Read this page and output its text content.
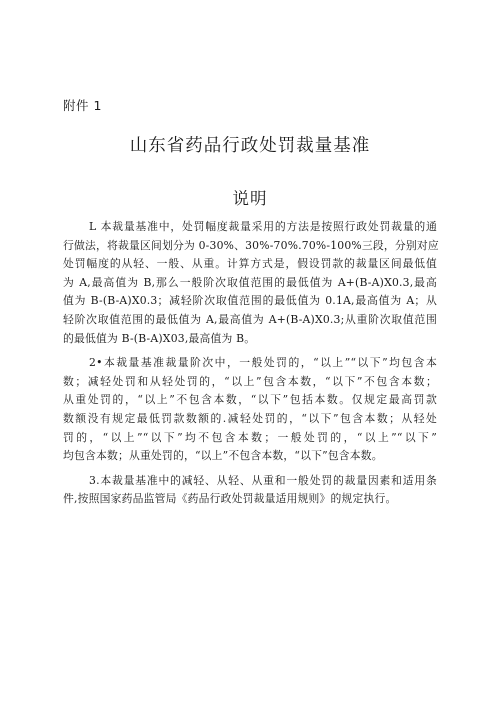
附件 1
山东省药品行政处罚裁量基准
说明

L 本裁量基准中，处罚幅度裁量采用的方法是按照行政处罚裁量的通
行做法，将裁量区间划分为 0-30%、30%-70%.70%-100%三段，分别对应
处罚幅度的从轻、一般、从重。计算方式是，假设罚款的裁量区间最低值
为 A,最高值为 B,那么一般阶次取值范围的最低值为 A+(B-A)X0.3,最高
值为 B-(B-A)X0.3；减轻阶次取值范围的最低值为 0.1A,最高值为 A；从
轻阶次取值范围的最低值为 A,最高值为 A+(B-A)X0.3;从重阶次取值范围
的最低值为 B-(B-A)X03,最高值为 B。

2•本裁量基准裁量阶次中，一般处罚的，“以上”“以下”均包含本
数；减轻处罚和从轻处罚的，“以上”包含本数，“以下”不包含本数；
从重处罚的，“以上”不包含本数，“以下”包括本数。仅规定最高罚款
数额没有规定最低罚款数额的.减轻处罚的，“以下”包含本数；从轻处
罚的，“以上”“以下”均不包含本数；一般处罚的，“以上”“以下”
均包含本数；从重处罚的，“以上”不包含本数，“以下”包含本数。

3.本裁量基准中的减轻、从轻、从重和一般处罚的裁量因素和适用条
件,按照国家药品监管局《药品行政处罚裁量适用规则》的规定执行。
